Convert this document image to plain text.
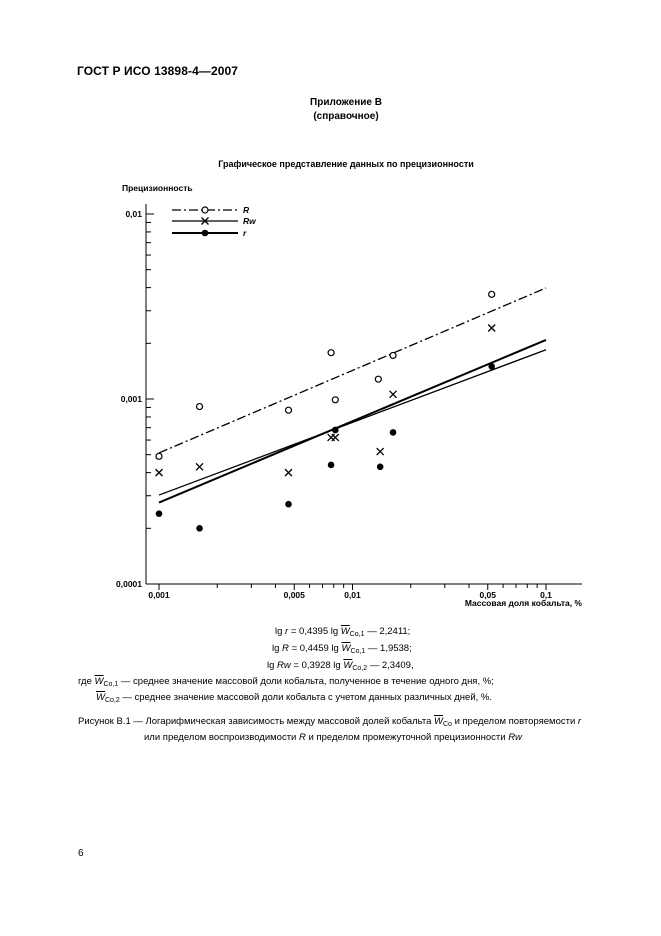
ГОСТ Р ИСО 13898-4—2007
Приложение В
(справочное)
Графическое представление данных по прецизионности
Прецизионность
Массовая доля кобальта, %
0,0001
0,001
0,01
0,001	0,005	0,01	0,05	0,1
R
Rw
r
lg r = 0,4395 $\lg \overline{W}_{Co,1}$ — 2,2411;
lg R = 0,4459 $\lg \overline{W}_{Co,1}$ — 1,9538;
lg Rw = 0,3928 $\lg \overline{W}_{Co,2}$ — 2,3409,
где $\overline{W}_{Co,1}$ — среднее значение массовой доли кобальта, полученное в течение одного дня, %;
$\overline{W}_{Co,2}$ — среднее значение массовой доли кобальта с учетом данных различных дней, %.
Рисунок В.1 — Логарифмическая зависимость между массовой долей кобальта $\overline{W}_{Co}$ и пределом повторяемости r
или пределом воспроизводимости R и пределом промежуточной прецизионности Rw
6
